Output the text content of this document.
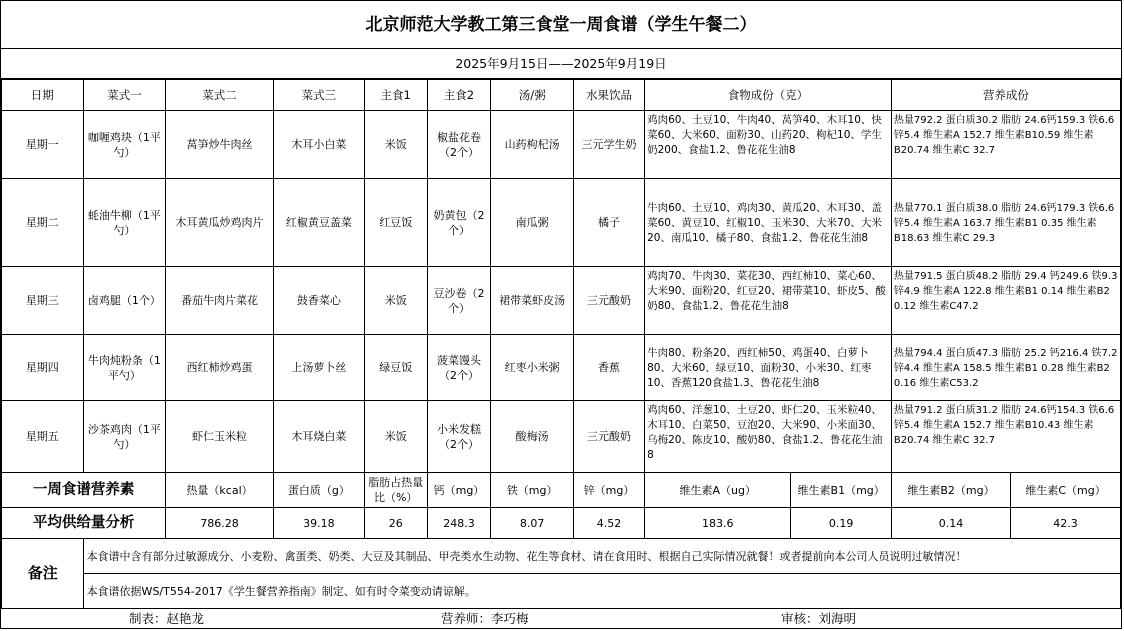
北京师范大学教工第三食堂一周食谱（学生午餐二）
2025年9月15日——2025年9月19日
日期	菜式一	菜式二	菜式三	主食1	主食2	汤/粥	水果饮品	食物成份（克）		营养成份	
星期一	咖喱鸡块（1平勺）	莴笋炒牛肉丝	木耳小白菜	米饭	椒盐花卷（2个）	山药枸杞汤	三元学生奶	鸡肉60、土豆10、牛肉40、莴笋40、木耳10、快菜60、大米60、面粉30、山药20、枸杞10、学生奶200、食盐1.2、鲁花花生油8		热量792.2 蛋白质30.2 脂肪 24.6钙159.3 铁6.6锌5.4 维生素A 152.7 维生素B10.59 维生素B20.74 维生素C 32.7	
星期二	蚝油牛柳（1平勺）	木耳黄瓜炒鸡肉片	红椒黄豆盖菜	红豆饭	奶黄包（2个）	南瓜粥	橘子	牛肉60、土豆10、鸡肉30、黄瓜20、木耳30、盖菜60、黄豆10、红椒10、玉米30、大米70、大米20、南瓜10、橘子80、食盐1.2、鲁花花生油8		热量770.1 蛋白质38.0 脂肪 24.6钙179.3 铁6.6 锌5.4 维生素A 163.7 维生素B1 0.35 维生素B18.63 维生素C 29.3	
星期三	卤鸡腿（1个）	番茄牛肉片菜花	鼓香菜心	米饭	豆沙卷（2个）	裙带菜虾皮汤	三元酸奶	鸡肉70、牛肉30、菜花30、西红柿10、菜心60、大米90、面粉20、红豆20、裙带菜10、虾皮5、酸奶80、食盐1.2、鲁花花生油8		热量791.5 蛋白质48.2 脂肪 29.4 钙249.6 铁9.3 锌4.9 维生素A 122.8 维生素B1 0.14 维生素B2 0.12 维生素C47.2	
星期四	牛肉炖粉条（1平勺）	西红柿炒鸡蛋	上汤萝卜丝	绿豆饭	菠菜馒头（2个）	红枣小米粥	香蕉	牛肉80、粉条20、西红柿50、鸡蛋40、白萝卜80、大米60、绿豆10、面粉30、小米30、红枣10、香蕉120食盐1.3、鲁花花生油8		热量794.4 蛋白质47.3 脂肪 25.2 钙216.4 铁7.2 锌4.4 维生素A 158.5 维生素B1 0.28 维生素B2 0.16 维生素C53.2	
星期五	沙茶鸡肉（1平勺）	虾仁玉米粒	木耳烧白菜	米饭	小米发糕（2个）	酸梅汤	三元酸奶	鸡肉60、洋葱10、土豆20、虾仁20、玉米粒40、木耳10、白菜50、豆泡20、大米90、小米面30、乌梅20、陈皮10、酸奶80、食盐1.2、鲁花花生油8		热量791.2 蛋白质31.2 脂肪 24.6钙154.3 铁6.6锌5.4 维生素A 152.7 维生素B10.43 维生素B20.74 维生素C 32.7	
一周食谱营养素		热量（kcal）	蛋白质（g）	脂肪占热量比（%）	钙（mg）	铁（mg）	锌（mg）	维生素A（ug）	维生素B1（mg）	维生素B2（mg）	维生素C（mg）
平均供给量分析		786.28	39.18	26	248.3	8.07	4.52	183.6	0.19	0.14	42.3
备注	本食谱中含有部分过敏源成分、小麦粉、禽蛋类、奶类、大豆及其制品、甲壳类水生动物、花生等食材、请在食用时、根据自己实际情况就餐！或者提前向本公司人员说明过敏情况！										
	本食谱依据WS/T554-2017《学生餐营养指南》制定、如有时令菜变动请谅解。										
制表：赵艳龙	营养师：李巧梅	审核：刘海明
